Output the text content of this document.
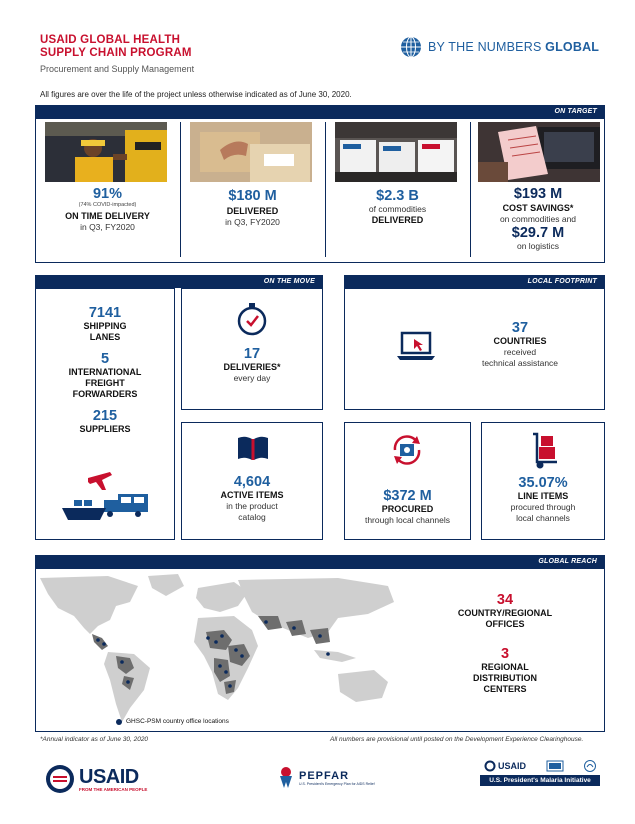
USAID GLOBAL HEALTH
SUPPLY CHAIN PROGRAM
Procurement and Supply Management
BY THE NUMBERS GLOBAL
All figures are over the life of the project unless otherwise indicated as of June 30, 2020.
ON TARGET
91%
(74% COVID-impacted)
ON TIME DELIVERY
in Q3, FY2020
$180 M
DELIVERED
in Q3, FY2020
$2.3 B
of commodities
DELIVERED
$193 M
COST SAVINGS*
on commodities and
$29.7 M
on logistics
ON THE MOVE
7141
SHIPPING
LANES
5
INTERNATIONAL
FREIGHT
FORWARDERS
215
SUPPLIERS
17
DELIVERIES*
every day
4,604
ACTIVE ITEMS
in the product
catalog
LOCAL FOOTPRINT
37
COUNTRIES
received
technical assistance
$372 M
PROCURED
through local channels
35.07%
LINE ITEMS
procured through
local channels
GLOBAL REACH
GHSC-PSM country office locations
34
COUNTRY/REGIONAL
OFFICES
3
REGIONAL
DISTRIBUTION
CENTERS
*Annual indicator as of June 30, 2020	All numbers are provisional until posted on the Development Experience Clearinghouse.
USAID
FROM THE AMERICAN PEOPLE
PEPFAR
U.S. President's Emergency Plan for AIDS Relief
USAID
U.S. President's Malaria Initiative
